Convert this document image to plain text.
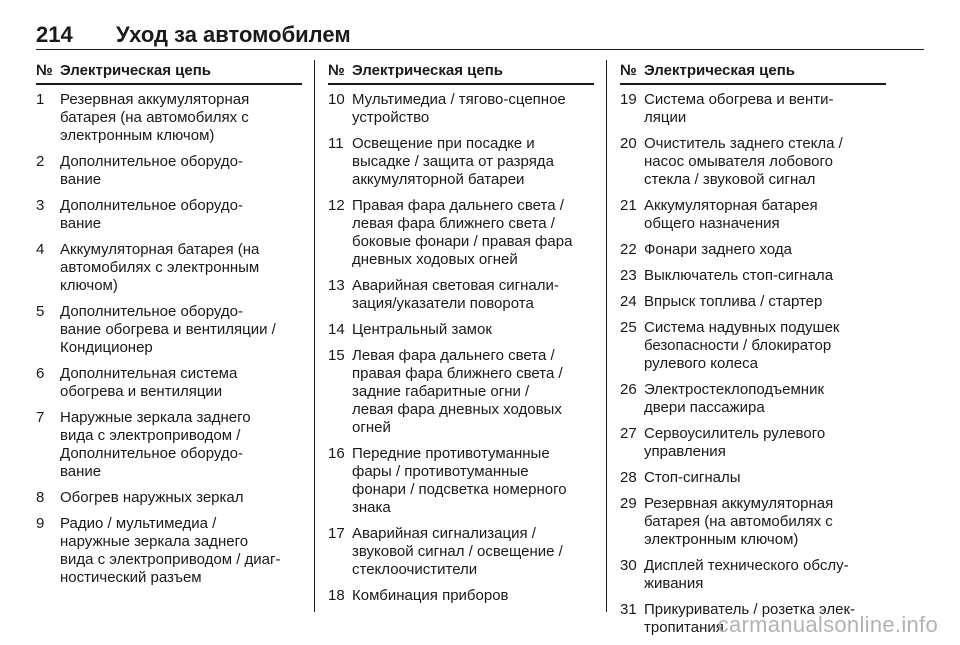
214	Уход за автомобилем
№ Электрическая цепь
1	Резервная аккумуляторная
батарея (на автомобилях с
электронным ключом)
2	Дополнительное оборудо-
вание
3	Дополнительное оборудо-
вание
4	Аккумуляторная батарея (на
автомобилях с электронным
ключом)
5	Дополнительное оборудо-
вание обогрева и вентиляции /
Кондиционер
6	Дополнительная система
обогрева и вентиляции
7	Наружные зеркала заднего
вида с электроприводом /
Дополнительное оборудо-
вание
8	Обогрев наружных зеркал
9	Радио / мультимедиа /
наружные зеркала заднего
вида с электроприводом / диаг-
ностический разъем
№ Электрическая цепь
10 Мультимедиа / тягово-сцепное
устройство
11 Освещение при посадке и
высадке / защита от разряда
аккумуляторной батареи
12 Правая фара дальнего света /
левая фара ближнего света /
боковые фонари / правая фара
дневных ходовых огней
13 Аварийная световая сигнали-
зация/указатели поворота
14 Центральный замок
15 Левая фара дальнего света /
правая фара ближнего света /
задние габаритные огни /
левая фара дневных ходовых
огней
16 Передние противотуманные
фары / противотуманные
фонари / подсветка номерного
знака
17 Аварийная сигнализация /
звуковой сигнал / освещение /
стеклоочистители
18 Комбинация приборов
№ Электрическая цепь
19 Система обогрева и венти-
ляции
20 Очиститель заднего стекла /
насос омывателя лобового
стекла / звуковой сигнал
21 Аккумуляторная батарея
общего назначения
22 Фонари заднего хода
23 Выключатель стоп-сигнала
24 Впрыск топлива / стартер
25 Система надувных подушек
безопасности / блокиратор
рулевого колеса
26 Электростеклоподъемник
двери пассажира
27 Сервоусилитель рулевого
управления
28 Стоп-сигналы
29 Резервная аккумуляторная
батарея (на автомобилях с
электронным ключом)
30 Дисплей технического обслу-
живания
31 Прикуриватель / розетка элек-
тропитания
carmanualsonline.info
